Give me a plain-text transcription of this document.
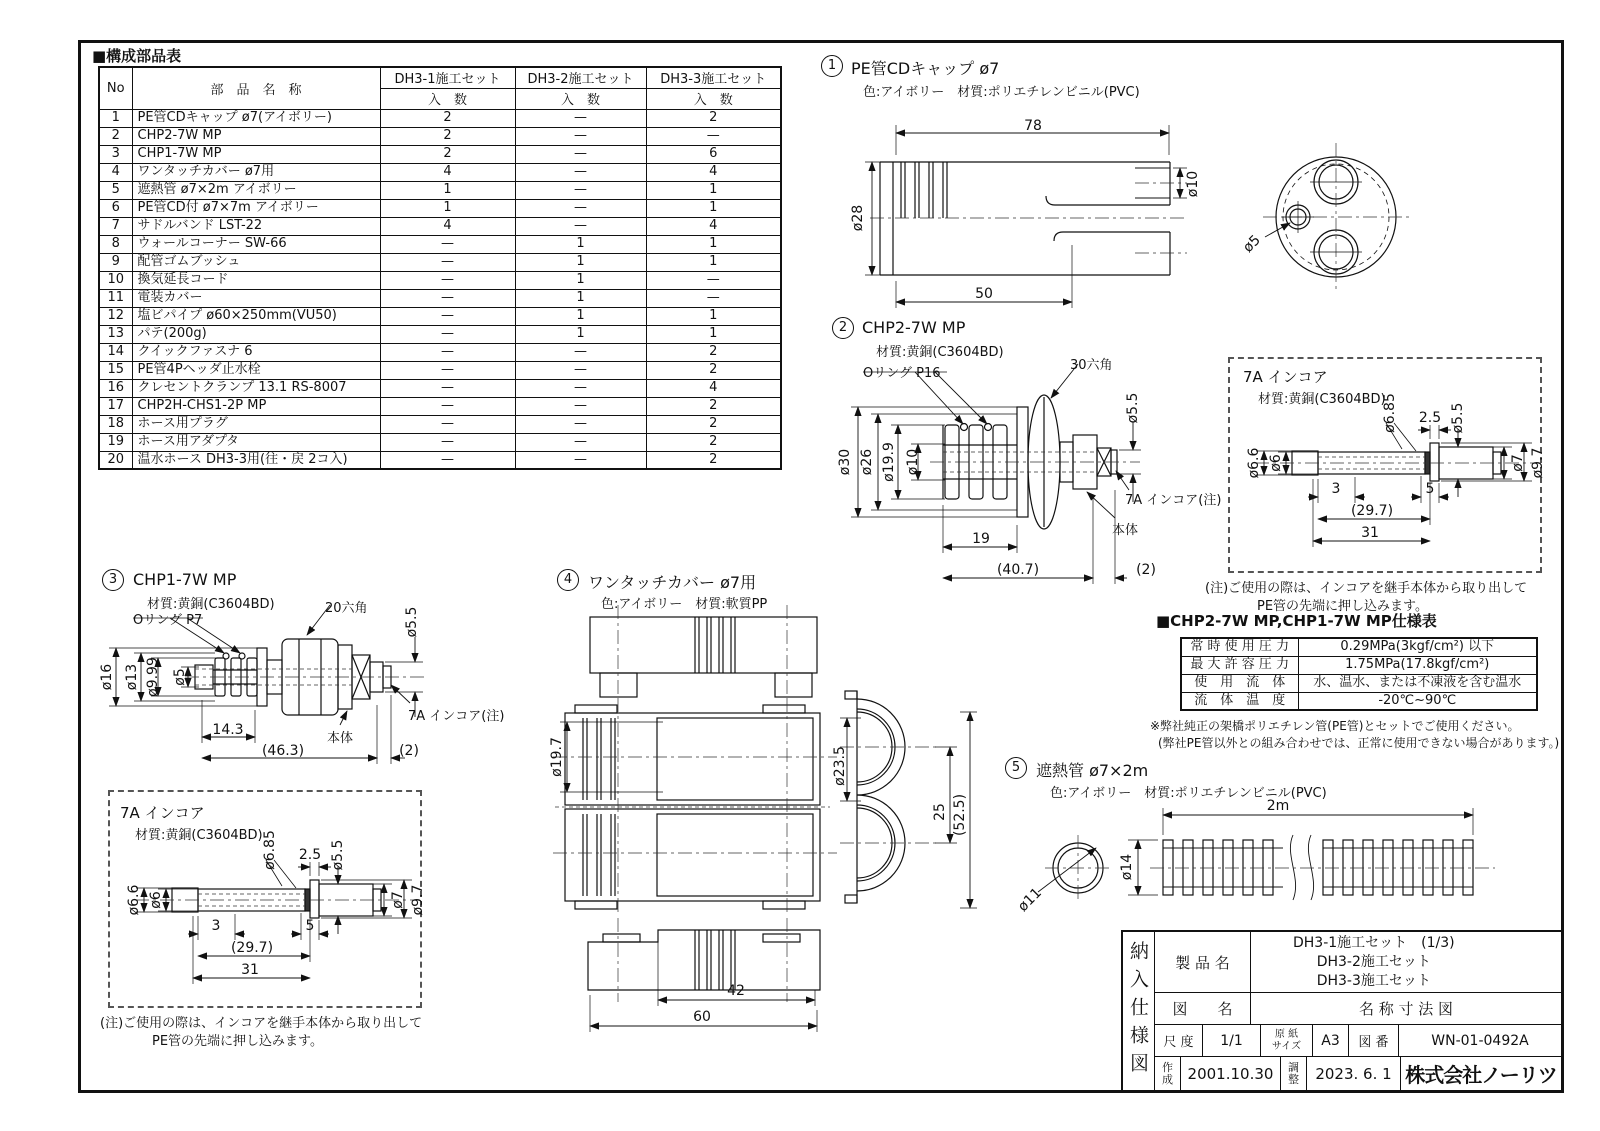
■構成部品表
No	部　品　名　称	DH3-1施工セット	DH3-2施工セット	DH3-3施工セット
		入　数	入　数	入　数
1	PE管CDキャップ ø7(アイボリー)	2	—	2
2	CHP2-7W MP	2	—	—
3	CHP1-7W MP	2	—	6
4	ワンタッチカバー ø7用	4	—	4
5	遮熱管 ø7×2m アイボリー	1	—	1
6	PE管CD付 ø7×7m アイボリー	1	—	1
7	サドルバンド LST-22	4	—	4
8	ウォールコーナー SW-66	—	1	1
9	配管ゴムブッシュ	—	1	1
10	換気延長コード	—	1	—
11	電装カバー	—	1	—
12	塩ビパイプ ø60×250mm(VU50)	—	1	1
13	パテ(200g)	—	1	1
14	クイックファスナ 6	—	—	2
15	PE管4Pヘッダ止水栓	—	—	2
16	クレセントクランプ 13.1 RS-8007	—	—	4
17	CHP2H-CHS1-2P MP	—	—	2
18	ホース用プラグ	—	—	2
19	ホース用アダプタ	—	—	2
20	温水ホース DH3-3用(往・戻 2コ入)	—	—	2
1 PE管CDキャップ ø7
色:アイボリー　材質:ポリエチレンビニル(PVC)
78
50
ø28
ø10
ø5
2 CHP2-7W MP
材質:黄銅(C3604BD)
Oリング P16
30六角
ø30 ø26 ø19.9 ø10
ø5.5
7A インコア(注)
本体
19
(40.7)	(2)
3 CHP1-7W MP
材質:黄銅(C3604BD)
Oリング P7
20六角
ø16 ø13 ø9.99 ø5
ø5.5
7A インコア(注)
本体
14.3
(46.3)	(2)
4 ワンタッチカバー ø7用
色:アイボリー　材質:軟質PP
ø19.7	ø23.5
25 (52.5)
42
60
5 遮熱管 ø7×2m
色:アイボリー　材質:ポリエチレンビニル(PVC)
2m
ø14
ø11
7A インコア
材質:黄銅(C3604BD)
ø6.6 ø6
ø6.85 2.5 ø5.5
ø7 ø9.7
3	5
(29.7)
31
(注)ご使用の際は、インコアを継手本体から取り出して
PE管の先端に押し込みます。
■CHP2-7W MP,CHP1-7W MP仕様表
常 時 使 用 圧 力	0.29MPa(3kgf/cm²) 以下
最 大 許 容 圧 力	1.75MPa(17.8kgf/cm²)
使　用　流　体	水、温水、または不凍液を含む温水
流　体　温　度	-20℃~90℃
※弊社純正の架橋ポリエチレン管(PE管)とセットでご使用ください。
(弊社PE管以外との組み合わせでは、正常に使用できない場合があります。)
7A インコア
材質:黄銅(C3604BD)
ø6.6 ø6
ø6.85 2.5 ø5.5
ø7 ø9.7
3	5
(29.7)
31
(注)ご使用の際は、インコアを継手本体から取り出して
PE管の先端に押し込みます。	納入仕様図	製 品 名
DH3-1施工セット　(1/3)
DH3-2施工セット
DH3-3施工セット
図　　名	名 称 寸 法 図
尺 度	1/1	原 紙
サイズ	A3	図 番	WN-01-0492A
作成 2001.10.30	調整	2023. 6. 1 株式会社ノーリツ
